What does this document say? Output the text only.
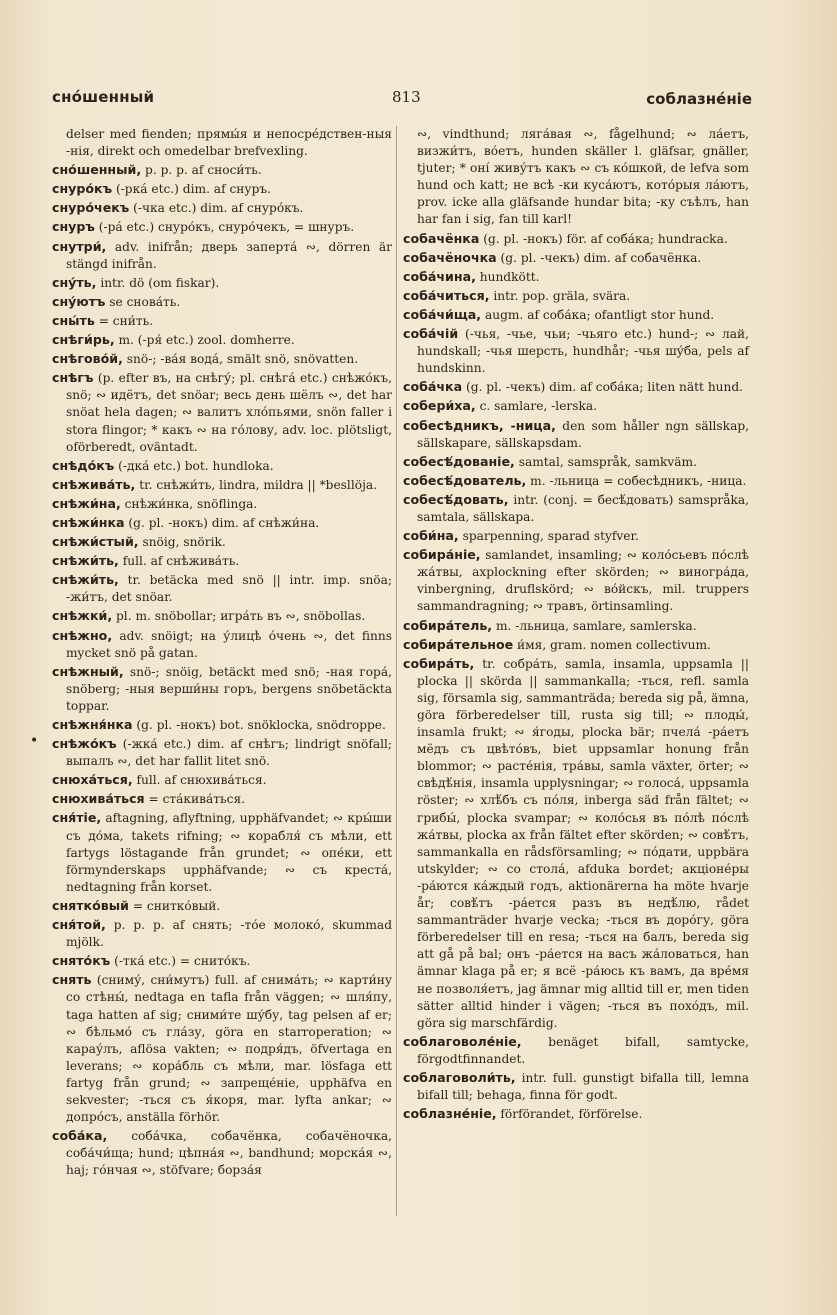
сно́шенный	813	соблазне́ніе
delser med fienden; прямы́я и непосре́дствен-ныя -нія, direkt och omedelbar brefvexling.
сно́шенный, p. p. p. af сноси́ть.
снуро́къ (-ркá etc.) dim. af снуръ.
снуро́чекъ (-чка etc.) dim. af снуро́къ.
снуръ (-рá etc.) снуро́къ, снуро́чекъ, = шнуръ.
снутри́, adv. inifrån; дверь заперта́ ∾, dörren är stängd inifrån.
сну́ть, intr. dö (om fiskar).
сну́ютъ se снова́ть.
сны́ть = сни́ть.
снѣги́рь, m. (-ря́ etc.) zool. domherre.
снѣгово́й, snö-; -ва́я вода́, smält snö, snövatten.
снѣгъ (p. efter въ, на снѣгу́; pl. снѣга́ etc.) снѣжо́къ, snö; ∾ идётъ, det snöar; весь день шёлъ ∾, det har snöat hela dagen; ∾ валитъ хло́пьями, snön faller i stora flingor; * какъ ∾ на го́лову, adv. loc. plötsligt, oförberedt, oväntadt.
снѣдо́къ (-дка́ etc.) bot. hundloka.
снѣжива́ть, tr. снѣжи́ть, lindra, mildra || *besllöja.
снѣжи́на, снѣжи́нка, snöflinga.
снѣжи́нка (g. pl. -нокъ) dim. af снѣжи́на.
снѣжи́стый, snöig, snörik.
снѣжи́ть, full. af снѣжива́ть.
снѣжи́ть, tr. betäcka med snö || intr. imp. snöa; -жи́тъ, det snöar.
снѣжки́, pl. m. snöbollar; игра́ть въ ∾, snöbollas.
снѣжно, adv. snöigt; на у́лицѣ о́чень ∾, det finns mycket snö på gatan.
снѣжный, snö-; snöig, betäckt med snö; -ная гора́, snöberg; -ныя верши́ны горъ, bergens snöbetäckta toppar.
снѣжня́нка (g. pl. -нокъ) bot. snöklocka, snödroppe.
снѣжо́къ (-жка́ etc.) dim. af снѣгъ; lindrigt snöfall; выпалъ ∾, det har fallit litet snö.
снюха́ться, full. af снюхива́ться.
снюхива́ться = ста́кива́ться.
сня́тіе, aftagning, aflyftning, upphäfvandet; ∾ кры́ши съ до́ма, takets rifning; ∾ корабля́ съ мѣли, ett fartygs löstagande från grundet; ∾ опе́ки, ett förmynderskaps upphäfvande; ∾ съ креста́, nedtagning från korset.
снятко́вый = снитко́вый.
сня́той, p. p. p. af снять; -то́е молоко́, skummad mjölk.
снято́къ (-тка́ etc.) = снито́къ.
снять (сниму́, сни́мутъ) full. af снима́ть; ∾ карти́ну со стѣны́, nedtaga en tafla från väggen; ∾ шля́пу, taga hatten af sig; сними́те шу́бу, tag pelsen af er; ∾ бѣльмо́ съ гла́зу, göra en starroperation; ∾ карау́лъ, aflösa vakten; ∾ подря́дъ, öfvertaga en leverans; ∾ кора́бль съ мѣли, mar. lösfaga ett fartyg från grund; ∾ запреще́ніе, upphäfva en sekvester; -ться съ я́коря, mar. lyfta ankar; ∾ допро́съ, anställa förhör.
соба́ка, соба́чка, собачёнка, собачёночка, соба́чи́ща; hund; цѣпна́я ∾, bandhund; морска́я ∾, haj; го́нчая ∾, stöfvare; борза́я
∾, vindthund; ляга́вая ∾, fågelhund; ∾ ла́етъ, визжи́тъ, во́етъ, hunden skäller l. gläfsar, gnäller, tjuter; * оні́ живу́тъ какъ ∾ съ ко́шкой, de lefva som hund och katt; не всѣ -ки куса́ютъ, кото́рыя ла́ютъ, prov. icke alla gläfsande hundar bita; -ку съѣлъ, han har fan i sig, fan till karl!
собачёнка (g. pl. -нокъ) för. af соба́ка; hundracka.
собачёночка (g. pl. -чекъ) dim. af собачёнка.
соба́чина, hundkött.
соба́читься, intr. pop. gräla, svära.
соба́чи́ща, augm. af соба́ка; ofantligt stor hund.
соба́чій (-чья, -чье, чьи; -чьяго etc.) hund-; ∾ лай, hundskall; -чья шерсть, hundhår; -чья шу́ба, pels af hundskinn.
соба́чка (g. pl. -чекъ) dim. af соба́ка; liten nätt hund.
собери́ха, c. samlare, -lerska.
собесѣдникъ, -ница, den som håller ngn sällskap, sällskapare, sällskapsdam.
собесѣ́дованіе, samtal, samspråk, samkväm.
собесѣ́дователь, m. -льница = собесѣдникъ, -ница.
собесѣ́довать, intr. (conj. = бесѣ́довать) samspråka, samtala, sällskapa.
соби́на, sparpenning, sparad styfver.
собира́ніе, samlandet, insamling; ∾ коло́сьевъ по́слѣ жа́твы, axplockning efter skörden; ∾ виногра́да, vinbergning, druflskörd; ∾ во́йскъ, mil. truppers sammandragning; ∾ травъ, örtinsamling.
собира́тель, m. -льница, samlare, samlerska.
собира́тельное и́мя, gram. nomen collectivum.
собира́ть, tr. собра́ть, samla, insamla, uppsamla || plocka || skörda || sammankalla; -ться, refl. samla sig, församla sig, sammanträda; bereda sig på, ämna, göra förberedelser till, rusta sig till; ∾ плоды́, insamla frukt; ∾ я́годы, plocka bär; пчела́ -ра́етъ мёдъ съ цвѣто́въ, biet uppsamlar honung från blommor; ∾ расте́нія, тра́вы, samla växter, örter; ∾ свѣдѣ́нія, insamla upplysningar; ∾ голоса́, uppsamla röster; ∾ хлѣ́бъ съ по́ля, inberga säd från fältet; ∾ грибы́, plocka svampar; ∾ коло́сья въ по́лѣ по́слѣ жа́твы, plocka ax från fältet efter skörden; ∾ совѣ́тъ, sammankalla en rådsförsamling; ∾ по́дати, uppbära utskylder; ∾ со стола́, afduka bordet; акціоне́ры -ра́ются ка́ждый годъ, aktionärerna ha möte hvarje år; совѣ́тъ -ра́ется разъ въ недѣ́лю, rådet sammanträder hvarje vecka; -ться въ доро́гу, göra förberedelser till en resa; -ться на балъ, bereda sig att gå på bal; онъ -ра́ется на васъ жа́ловаться, han ämnar klaga på er; я всё -ра́юсь къ вамъ, да вре́мя не позволя́етъ, jag ämnar mig alltid till er, men tiden sätter alltid hinder i vägen; -ться въ похо́дъ, mil. göra sig marschfärdig.
соблаговоле́ніе, benäget bifall, samtycke, förgodtfinnandet.
соблаговоли́ть, intr. full. gunstigt bifalla till, lemna bifall till; behaga, finna för godt.
соблазне́ніе, förförandet, förförelse.
•
